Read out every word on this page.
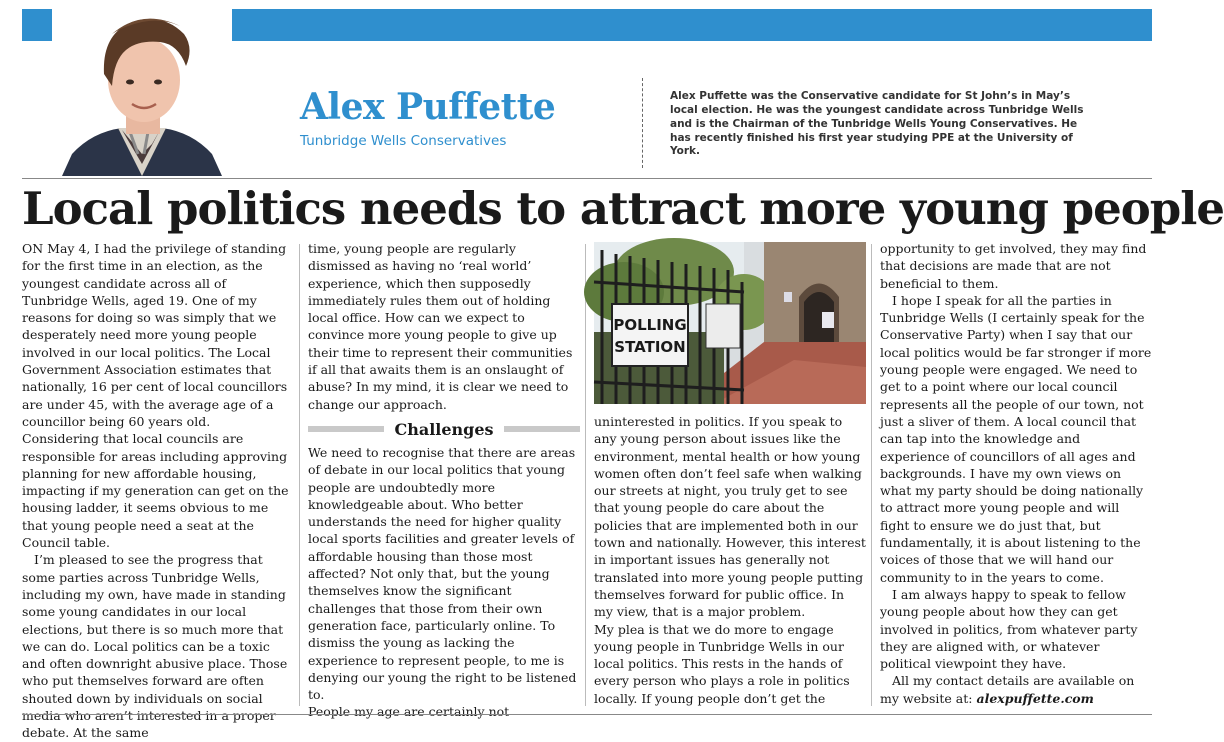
Alex Puffette
Tunbridge Wells Conservatives
Alex Puffette was the Conservative candidate for St John’s in May’s local election. He was the youngest candidate across Tunbridge Wells and is the Chairman of the Tunbridge Wells Young Conservatives. He has recently finished his first year studying PPE at the University of York.
Local politics needs to attract more young people

ON May 4, I had the privilege of standing for the first time in an election, as the youngest candidate across all of Tunbridge Wells, aged 19. One of my reasons for doing so was simply that we desperately need more young people involved in our local politics. The Local Government Association estimates that nationally, 16 per cent of local councillors are under 45, with the average age of a councillor being 60 years old. Considering that local councils are responsible for areas including approving planning for new affordable housing, impacting if my generation can get on the housing ladder, it seems obvious to me that young people need a seat at the Council table.

I’m pleased to see the progress that some parties across Tunbridge Wells, including my own, have made in standing some young candidates in our local elections, but there is so much more that we can do. Local politics can be a toxic and often downright abusive place. Those who put themselves forward are often shouted down by individuals on social media who aren’t interested in a proper debate. At the same

time, young people are regularly dismissed as having no ‘real world’ experience, which then supposedly immediately rules them out of holding local office. How can we expect to convince more young people to give up their time to represent their communities if all that awaits them is an onslaught of abuse? In my mind, it is clear we need to change our approach.

Challenges

We need to recognise that there are areas of debate in our local politics that young people are undoubtedly more knowledgeable about. Who better understands the need for higher quality local sports facilities and greater levels of affordable housing than those most affected? Not only that, but the young themselves know the significant challenges that those from their own generation face, particularly online. To dismiss the young as lacking the experience to represent people, to me is denying our young the right to be listened to.

People my age are certainly not

POLLING
STATION

uninterested in politics. If you speak to any young person about issues like the environment, mental health or how young women often don’t feel safe when walking our streets at night, you truly get to see that young people do care about the policies that are implemented both in our town and nationally. However, this interest in important issues has generally not translated into more young people putting themselves forward for public office. In my view, that is a major problem.

My plea is that we do more to engage young people in Tunbridge Wells in our local politics. This rests in the hands of every person who plays a role in politics locally. If young people don’t get the

opportunity to get involved, they may find that decisions are made that are not beneficial to them.

I hope I speak for all the parties in Tunbridge Wells (I certainly speak for the Conservative Party) when I say that our local politics would be far stronger if more young people were engaged. We need to get to a point where our local council represents all the people of our town, not just a sliver of them. A local council that can tap into the knowledge and experience of councillors of all ages and backgrounds. I have my own views on what my party should be doing nationally to attract more young people and will fight to ensure we do just that, but fundamentally, it is about listening to the voices of those that we will hand our community to in the years to come.

I am always happy to speak to fellow young people about how they can get involved in politics, from whatever party they are aligned with, or whatever political viewpoint they have.

All my contact details are available on my website at: alexpuffette.com
